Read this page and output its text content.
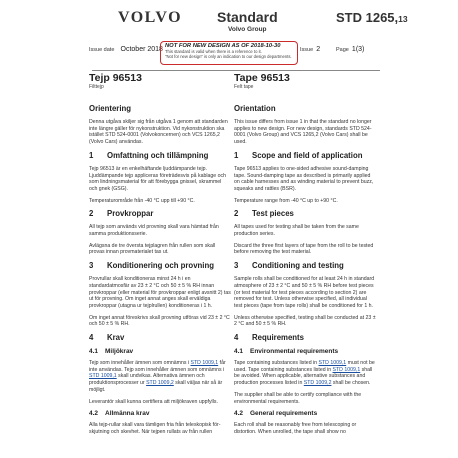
VOLVO Standard
Volvo Group
STD 1265,13
Issue date October 2018 NOT FOR NEW DESIGN AS OF 2018-10-30
This standard is valid when there is a reference to it.
"Not for new design" is only an indication to our design departments.
Issue 2	Page 1(3)
Tejp 96513

Filttejp

Orientering

Denna utgåva skiljer sig från utgåva 1 genom att standarden inte längre gäller för nykonstruktion. Vid nykonstruktion ska istället STD 524-0001 (Volvokoncernen) och VCS 1265,2 (Volvo Cars) användas.

1 Omfattning och tillämpning

Tejp 96513 är en enkelhäftande ljuddämpande tejp. Ljuddämpande tejp appliceras företrädesvis på kablage och som lindningsmaterial för att förebygga gnissel, skrammel och gnek (GSG).

Temperaturområde från -40 °C upp till +90 °C.

2 Provkroppar

All tejp som används vid provning skall vara hämtad från samma produktionsserie.

Avlägsna de tre översta tejplagren från rullen som skall provas innan provmaterialet tas ut.

3 Konditionering och provning

Provrullar skall konditioneras minst 24 h i en standardatmosfär av 23 ± 2 °C och 50 ± 5 % RH innan provkroppar (eller material för provkroppar enligt avsnitt 2) tas ut för provning. Om inget annat anges skall erväldiga provkroppar (utagna ur tejplrullen) konditioneras i 1 h.

Om inget annat föreskrivs skall provning utföras vid 23 ± 2 °C och 50 ± 5 % RH.

4 Krav
4.1 Miljökrav

Tejp som innehåller ämnen som omnämns i STD 1009,1 får inte användas. Tejp som innehåller ämnen som omnämns i STD 1009,1 skall undvikas. Alternativa ämnen och produktionsprocesser ur STD 1009,2 skall väljas när så är möjligt.

Leverantör skall kunna certifiera att miljökraven uppfylls.

4.2 Allmänna krav

Alla tejp-rullar skall vara tämligen fria från teleskopisk för-skjutning och skevhet. När tejpen rullats av från rullen

Tape 96513

Felt tape

Orientation

This issue differs from issue 1 in that the standard no longer applies to new design. For new design, standards STD 524-0001 (Volvo Group) and VCS 1265,2 (Volvo Cars) shall be used.

1 Scope and field of application

Tape 96513 applies to one-sided adhesive sound-damping tape. Sound-damping tape as described is primarily applied on cable harnesses and as winding material to prevent buzz, squeaks and rattles (BSR).

Temperature range from -40 °C up to +90 °C.

2 Test pieces

All tapes used for testing shall be taken from the same production series.

Discard the three first layers of tape from the roll to be tested before removing the test material.

3 Conditioning and testing

Sample rolls shall be conditioned for at least 24 h in standard atmosphere of 23 ± 2 °C and 50 ± 5 % RH before test pieces (or test material for test pieces according to section 2) are removed for test. Unless otherwise specified, all individual test pieces (tape from tape rolls) shall be conditioned for 1 h.

Unless otherwise specified, testing shall be conducted at 23 ± 2 °C and 50 ± 5 % RH.

4 Requirements
4.1 Environmental requirements

Tape containing substances listed in STD 1009,1 must not be used. Tape containing substances listed in STD 1009,1 shall be avoided. When applicable, alternative substances and production processes listed in STD 1009,2 shall be chosen.

The supplier shall be able to certify compliance with the environmental requirements.

4.2 General requirements

Each roll shall be reasonably free from telescoping or distortion. When unrolled, the tape shall show no
